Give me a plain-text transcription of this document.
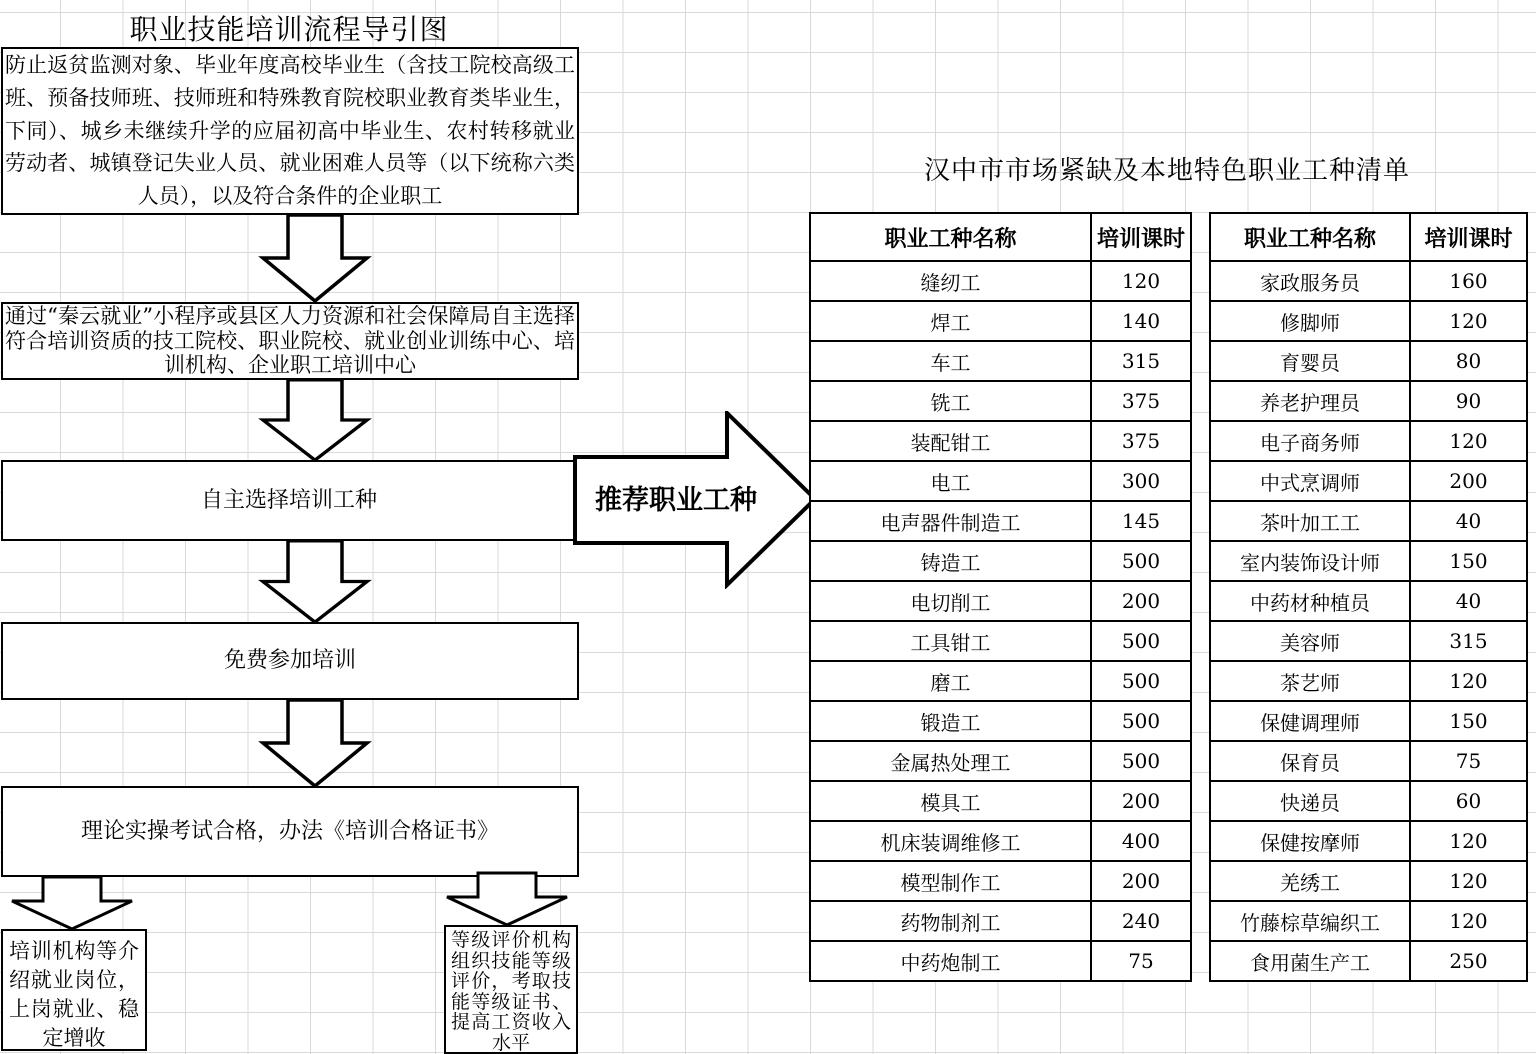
职业技能培训流程导引图
防止返贫监测对象、毕业年度高校毕业生（含技工院校高级工班、预备技师班、技师班和特殊教育院校职业教育类毕业生，下同）、城乡未继续升学的应届初高中毕业生、农村转移就业劳动者、城镇登记失业人员、就业困难人员等（以下统称六类人员），以及符合条件的企业职工
通过“秦云就业”小程序或县区人力资源和社会保障局自主选择符合培训资质的技工院校、职业院校、就业创业训练中心、培训机构、企业职工培训中心
自主选择培训工种
免费参加培训
理论实操考试合格，办法《培训合格证书》
培训机构等介绍就业岗位，上岗就业、稳定增收
等级评价机构组织技能等级评价，考取技能等级证书、提高工资收入水平
推荐职业工种
汉中市市场紧缺及本地特色职业工种清单
职业工种名称	培训课时
缝纫工	120
焊工	140
车工	315
铣工	375
装配钳工	375
电工	300
电声器件制造工	145
铸造工	500
电切削工	200
工具钳工	500
磨工	500
锻造工	500
金属热处理工	500
模具工	200
机床装调维修工	400
模型制作工	200
药物制剂工	240
中药炮制工	75
职业工种名称	培训课时
家政服务员	160
修脚师	120
育婴员	80
养老护理员	90
电子商务师	120
中式烹调师	200
茶叶加工工	40
室内装饰设计师	150
中药材种植员	40
美容师	315
茶艺师	120
保健调理师	150
保育员	75
快递员	60
保健按摩师	120
羌绣工	120
竹藤棕草编织工	120
食用菌生产工	250
